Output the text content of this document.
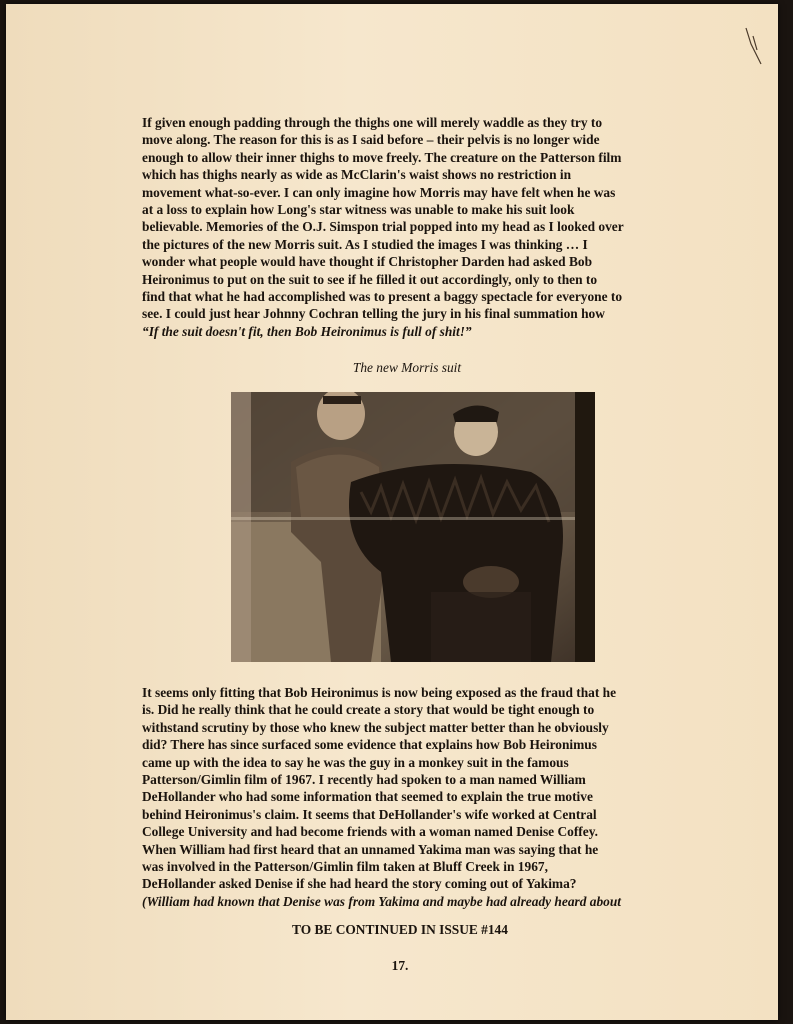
If given enough padding through the thighs one will merely waddle as they try to
move along. The reason for this is as I said before – their pelvis is no longer wide
enough to allow their inner thighs to move freely. The creature on the Patterson film
which has thighs nearly as wide as McClarin's waist shows no restriction in
movement what-so-ever. I can only imagine how Morris may have felt when he was
at a loss to explain how Long's star witness was unable to make his suit look
believable. Memories of the O.J. Simspon trial popped into my head as I looked over
the pictures of the new Morris suit. As I studied the images I was thinking … I
wonder what people would have thought if Christopher Darden had asked Bob
Heironimus to put on the suit to see if he filled it out accordingly, only to then to
find that what he had accomplished was to present a baggy spectacle for everyone to
see. I could just hear Johnny Cochran telling the jury in his final summation how
“If the suit doesn't fit, then Bob Heironimus is full of shit!”
The new Morris suit
It seems only fitting that Bob Heironimus is now being exposed as the fraud that he
is. Did he really think that he could create a story that would be tight enough to
withstand scrutiny by those who knew the subject matter better than he obviously
did? There has since surfaced some evidence that explains how Bob Heironimus
came up with the idea to say he was the guy in a monkey suit in the famous
Patterson/Gimlin film of 1967. I recently had spoken to a man named William
DeHollander who had some information that seemed to explain the true motive
behind Heironimus's claim. It seems that DeHollander's wife worked at Central
College University and had become friends with a woman named Denise Coffey.
When William had first heard that an unnamed Yakima man was saying that he
was involved in the Patterson/Gimlin film taken at Bluff Creek in 1967,
DeHollander asked Denise if she had heard the story coming out of Yakima?
(William had known that Denise was from Yakima and maybe had already heard about
TO BE CONTINUED IN ISSUE #144
17.
